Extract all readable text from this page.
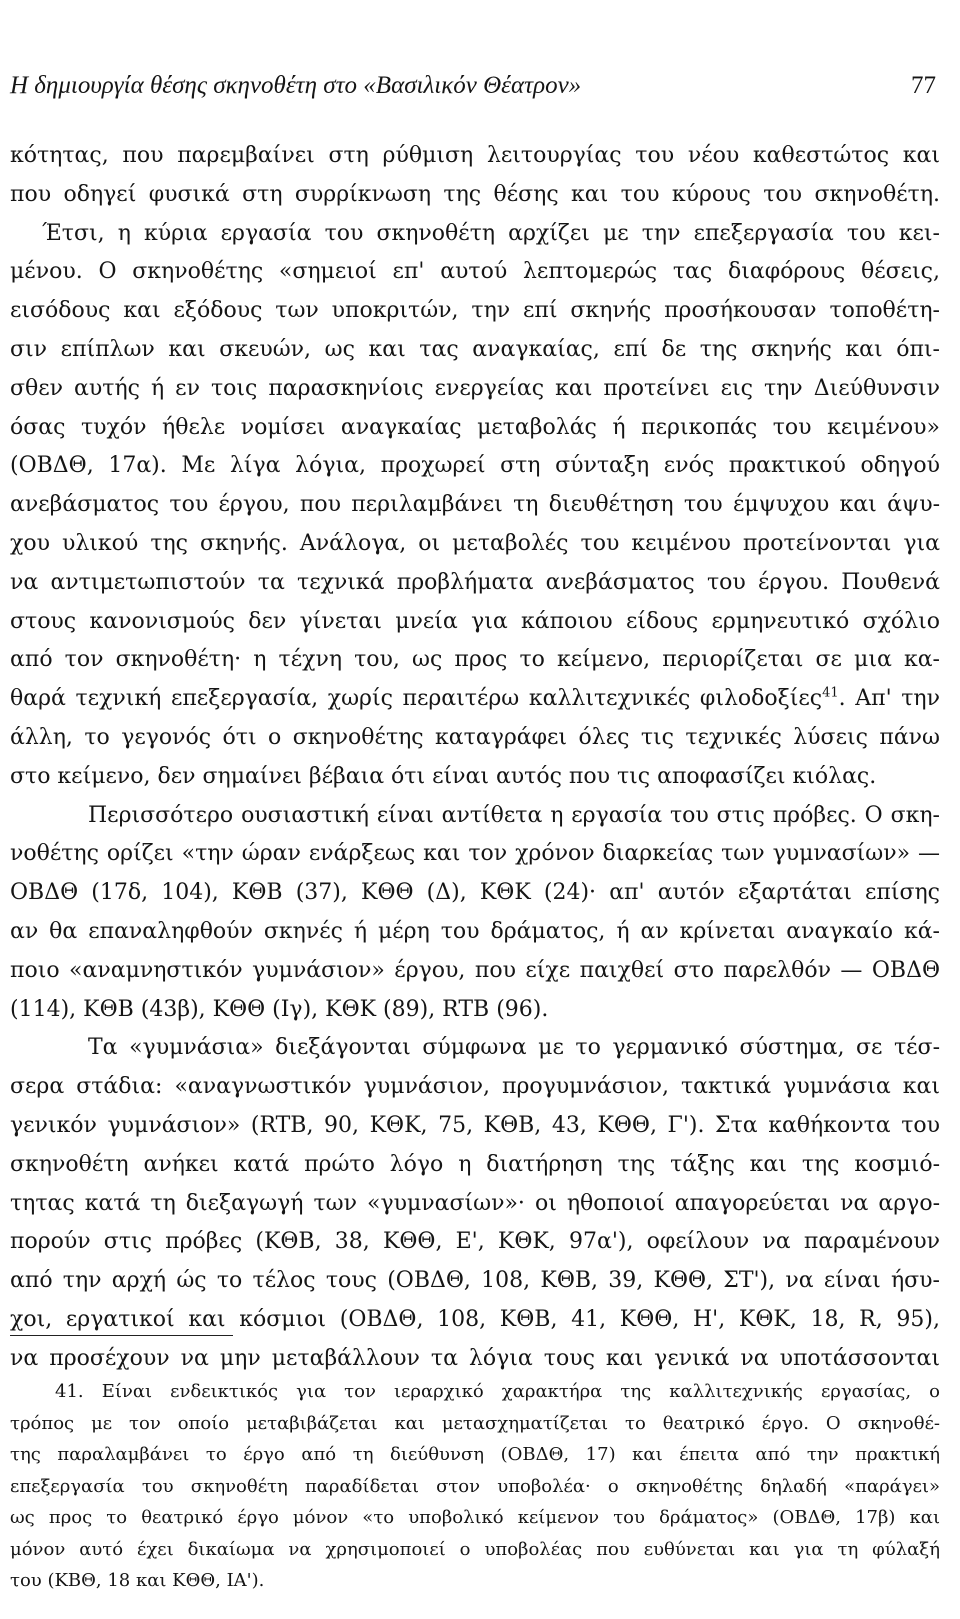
Η δημιουργία θέσης σκηνοθέτη στο «Βασιλικόν Θέατρον»	77
κότητας, που παρεμβαίνει στη ρύθμιση λειτουργίας του νέου καθεστώτος και
που οδηγεί φυσικά στη συρρίκνωση της θέσης και του κύρους του σκηνοθέτη.
Έτσι, η κύρια εργασία του σκηνοθέτη αρχίζει με την επεξεργασία του κει-
μένου. Ο σκηνοθέτης «σημειοί επ' αυτού λεπτομερώς τας διαφόρους θέσεις,
εισόδους και εξόδους των υποκριτών, την επί σκηνής προσήκουσαν τοποθέτη-
σιν επίπλων και σκευών, ως και τας αναγκαίας, επί δε της σκηνής και όπι-
σθεν αυτής ή εν τοις παρασκηνίοις ενεργείας και προτείνει εις την Διεύθυνσιν
όσας τυχόν ήθελε νομίσει αναγκαίας μεταβολάς ή περικοπάς του κειμένου»
(ΟΒΔΘ, 17α). Με λίγα λόγια, προχωρεί στη σύνταξη ενός πρακτικού οδηγού
ανεβάσματος του έργου, που περιλαμβάνει τη διευθέτηση του έμψυχου και άψυ-
χου υλικού της σκηνής. Ανάλογα, οι μεταβολές του κειμένου προτείνονται για
να αντιμετωπιστούν τα τεχνικά προβλήματα ανεβάσματος του έργου. Πουθενά
στους κανονισμούς δεν γίνεται μνεία για κάποιου είδους ερμηνευτικό σχόλιο
από τον σκηνοθέτη· η τέχνη του, ως προς το κείμενο, περιορίζεται σε μια κα-
θαρά τεχνική επεξεργασία, χωρίς περαιτέρω καλλιτεχνικές φιλοδοξίες$^{41}$. Απ' την
άλλη, το γεγονός ότι ο σκηνοθέτης καταγράφει όλες τις τεχνικές λύσεις πάνω
στο κείμενο, δεν σημαίνει βέβαια ότι είναι αυτός που τις αποφασίζει κιόλας.
Περισσότερο ουσιαστική είναι αντίθετα η εργασία του στις πρόβες. Ο σκη-
νοθέτης ορίζει «την ώραν ενάρξεως και τον χρόνον διαρκείας των γυμνασίων» —
ΟΒΔΘ (17δ, 104), ΚΘΒ (37), ΚΘΘ (Δ), ΚΘΚ (24)· απ' αυτόν εξαρτάται επίσης
αν θα επαναληφθούν σκηνές ή μέρη του δράματος, ή αν κρίνεται αναγκαίο κά-
ποιο «αναμνηστικόν γυμνάσιον» έργου, που είχε παιχθεί στο παρελθόν — ΟΒΔΘ
(114), ΚΘΒ (43β), ΚΘΘ (Ιγ), ΚΘΚ (89), RTB (96).
Τα «γυμνάσια» διεξάγονται σύμφωνα με το γερμανικό σύστημα, σε τέσ-
σερα στάδια: «αναγνωστικόν γυμνάσιον, προγυμνάσιον, τακτικά γυμνάσια και
γενικόν γυμνάσιον» (RTB, 90, ΚΘΚ, 75, ΚΘΒ, 43, ΚΘΘ, Γ'). Στα καθήκοντα του
σκηνοθέτη ανήκει κατά πρώτο λόγο η διατήρηση της τάξης και της κοσμιό-
τητας κατά τη διεξαγωγή των «γυμνασίων»· οι ηθοποιοί απαγορεύεται να αργο-
πορούν στις πρόβες (ΚΘΒ, 38, ΚΘΘ, Ε', ΚΘΚ, 97α'), οφείλουν να παραμένουν
από την αρχή ώς το τέλος τους (ΟΒΔΘ, 108, ΚΘΒ, 39, ΚΘΘ, ΣΤ'), να είναι ήσυ-
χοι, εργατικοί και κόσμιοι (ΟΒΔΘ, 108, ΚΘΒ, 41, ΚΘΘ, Η', ΚΘΚ, 18, R, 95),
να προσέχουν να μην μεταβάλλουν τα λόγια τους και γενικά να υποτάσσονται
41. Είναι ενδεικτικός για τον ιεραρχικό χαρακτήρα της καλλιτεχνικής εργασίας, ο
τρόπος με τον οποίο μεταβιβάζεται και μετασχηματίζεται το θεατρικό έργο. Ο σκηνοθέ-
της παραλαμβάνει το έργο από τη διεύθυνση (ΟΒΔΘ, 17) και έπειτα από την πρακτική
επεξεργασία του σκηνοθέτη παραδίδεται στον υποβολέα· ο σκηνοθέτης δηλαδή «παράγει»
ως προς το θεατρικό έργο μόνον «το υποβολικό κείμενον του δράματος» (ΟΒΔΘ, 17β) και
μόνον αυτό έχει δικαίωμα να χρησιμοποιεί ο υποβολέας που ευθύνεται και για τη φύλαξή
του (ΚΒΘ, 18 και ΚΘΘ, ΙΑ').
